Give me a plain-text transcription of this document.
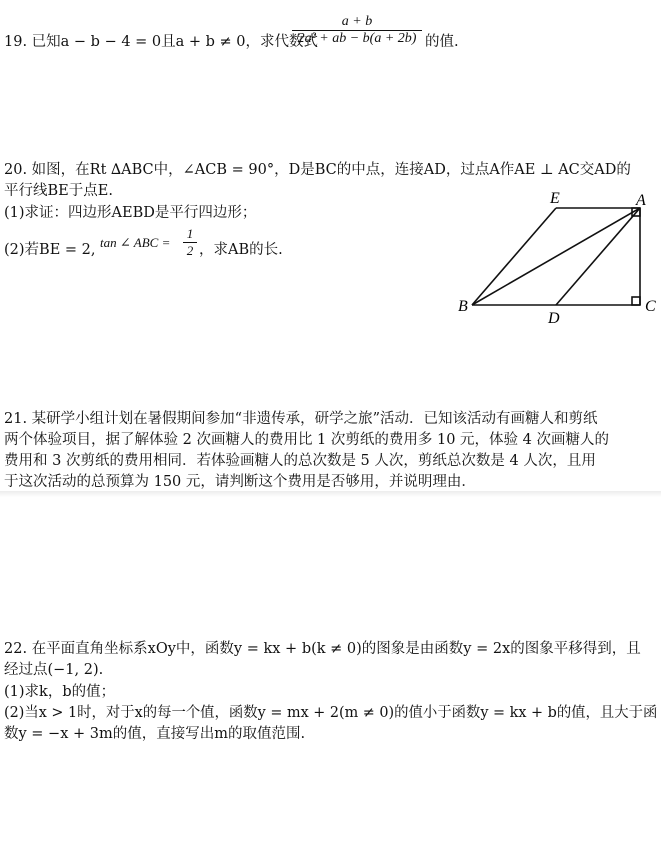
19. 已知a − b − 4 = 0且a + b ≠ 0，求代数式
$\frac{a + b}{\text{2a² + ab − b(a + 2b)}}$ 的值.
20. 如图，在Rt ∆ABC中，∠ACB = 90°，D是BC的中点，连接AD，过点A作AE ⊥ AC交AD的
平行线BE于点E.
(1)求证：四边形AEBD是平行四边形；
(2)若BE = 2, tan ∠ ABC = $\frac{1}{2}$ ，求AB的长.
E	A
B
D
C
21. 某研学小组计划在暑假期间参加“非遗传承，研学之旅”活动．已知该活动有画糖人和剪纸
两个体验项目，据了解体验 2 次画糖人的费用比 1 次剪纸的费用多 10 元，体验 4 次画糖人的
费用和 3 次剪纸的费用相同．若体验画糖人的总次数是 5 人次，剪纸总次数是 4 人次，且用
于这次活动的总预算为 150 元，请判断这个费用是否够用，并说明理由．
22. 在平面直角坐标系xOy中，函数y = kx + b(k ≠ 0)的图象是由函数y = 2x的图象平移得到，且
经过点(−1, 2).
(1)求k，b的值；
(2)当x > 1时，对于x的每一个值，函数y = mx + 2(m ≠ 0)的值小于函数y = kx + b的值，且大于函
数y = −x + 3m的值，直接写出m的取值范围.
